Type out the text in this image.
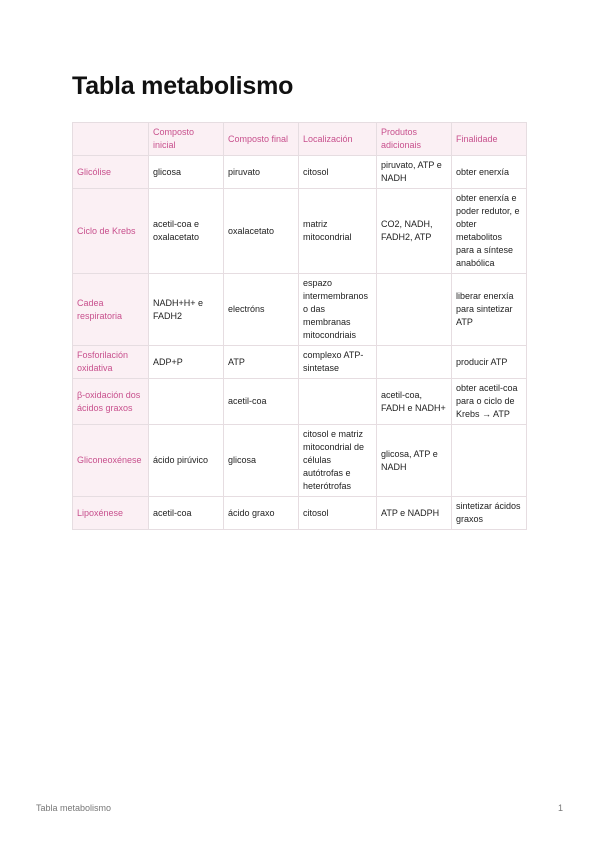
Tabla metabolismo
	Composto inicial	Composto final	Localización	Produtos adicionais	Finalidade
Glicólise	glicosa	piruvato	citosol	piruvato, ATP e NADH	obter enerxía
Ciclo de Krebs	acetil-coa e oxalacetato	oxalacetato	matriz mitocondrial	CO2, NADH, FADH2, ATP	obter enerxía e poder redutor, e obter metabolitos para a síntese anabólica
Cadea respiratoria	NADH+H+ e FADH2	electróns	espazo intermembranoso das membranas mitocondriais		liberar enerxía para sintetizar ATP
Fosforilación oxidativa	ADP+P	ATP	complexo ATP-sintetase		producir ATP
β-oxidación dos ácidos graxos		acetil-coa		acetil-coa, FADH e NADH+	obter acetil-coa para o ciclo de Krebs → ATP
Gliconeoxénese	ácido pirúvico	glicosa	citosol e matriz mitocondrial de células autótrofas e heterótrofas	glicosa, ATP e NADH	
Lipoxénese	acetil-coa	ácido graxo	citosol	ATP e NADPH	sintetizar ácidos graxos
Tabla metabolismo	1
